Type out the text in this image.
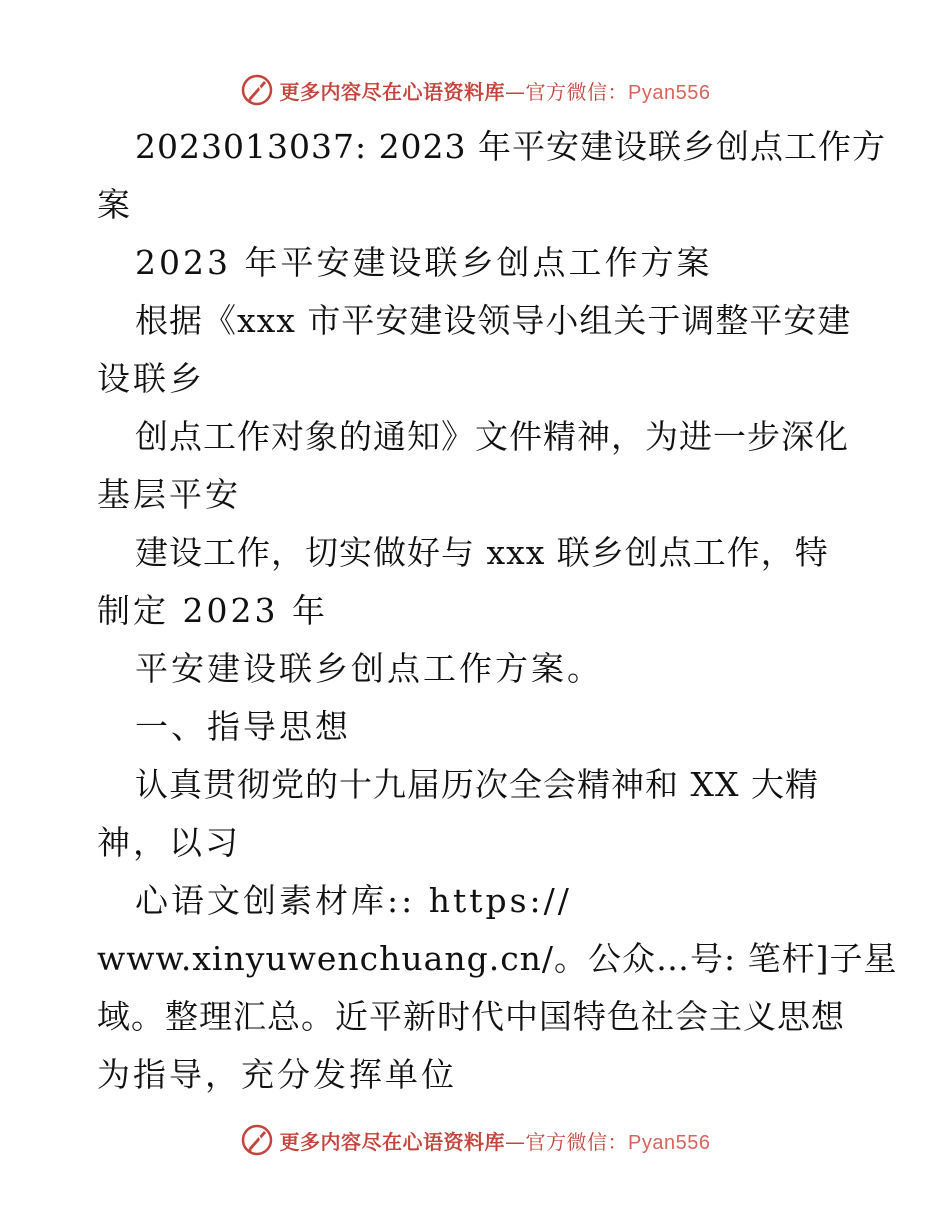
更多内容尽在心语资料库—官方微信：Pyan556
2023013037: 2023 年平安建设联乡创点工作方
案
2023 年平安建设联乡创点工作方案
根据《xxx 市平安建设领导小组关于调整平安建
设联乡
创点工作对象的通知》文件精神，为进一步深化
基层平安
建设工作，切实做好与 xxx 联乡创点工作，特
制定 2023 年
平安建设联乡创点工作方案。
一、指导思想
认真贯彻党的十九届历次全会精神和 XX 大精
神，以习
心语文创素材库:: https://
www.xinyuwenchuang.cn/。公众…号: 笔杆]子星
域。整理汇总。近平新时代中国特色社会主义思想
为指导，充分发挥单位
更多内容尽在心语资料库—官方微信：Pyan556
